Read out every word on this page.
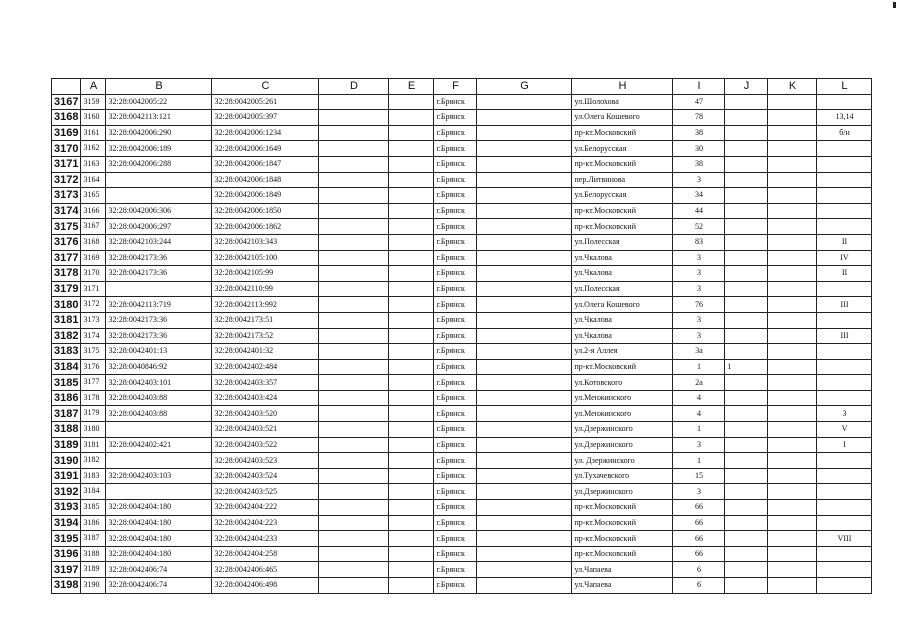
	A	B	C	D	E	F	G	H	I	J	K	L
3167	3159	32:28:0042005:22	32:28:0042005:261			г.Брянск		ул.Шолохова	47			
3168	3160	32:28:0042113:121	32:28:0042005:397			г.Брянск		ул.Олега Кошевого	78			13,14
3169	3161	32:28:0042006:290	32:28:0042006:1234			г.Брянск		пр-кт.Московский	38			б/н
3170	3162	32:28:0042006:189	32:28:0042006:1649			г.Брянск		ул.Белорусская	30			
3171	3163	32:28:0042006:288	32:28:0042006:1847			г.Брянск		пр-кт.Московский	38			
3172	3164		32:28:0042006:1848			г.Брянск		пер.Литвинова	3			
3173	3165		32:28:0042006:1849			г.Брянск		ул.Белорусская	34			
3174	3166	32:28:0042006:306	32:28:0042006:1850			г.Брянск		пр-кт.Московский	44			
3175	3167	32:28:0042006:297	32:28:0042006:1862			г.Брянск		пр-кт.Московский	52			
3176	3168	32:28:0042103:244	32:28:0042103:343			г.Брянск		ул.Полесская	83			II
3177	3169	32:28:0042173:36	32:28:0042105:100			г.Брянск		ул.Чкалова	3			IV
3178	3170	32:28:0042173:36	32:28:0042105:99			г.Брянск		ул.Чкалова	3			II
3179	3171		32:28:0042110:99			г.Брянск		ул.Полесская	3			
3180	3172	32:28:0042113:719	32:28:0042113:992			г.Брянск		ул.Олега Кошевого	76			III
3181	3173	32:28:0042173:36	32:28:0042173:51			г.Брянск		ул.Чкалова	3			
3182	3174	32:28:0042173:36	32:28:0042173:52			г.Брянск		ул.Чкалова	3			III
3183	3175	32:28:0042401:13	32:28:0042401:32			г.Брянск		ул.2-я Аллея	3а			
3184	3176	32:28:0040846:92	32:28:0042402:484			г.Брянск		пр-кт.Московский	1	1		
3185	3177	32:28:0042403:101	32:28:0042403:357			г.Брянск		ул.Котовского	2а			
3186	3178	32:28:0042403:88	32:28:0042403:424			г.Брянск		ул.Менжинского	4			
3187	3179	32:28:0042403:88	32:28:0042403:520			г.Брянск		ул.Менжинского	4			3
3188	3180		32:28:0042403:521			г.Брянск		ул.Дзержинского	1			V
3189	3181	32:28:0042402:421	32:28:0042403:522			г.Брянск		ул.Дзержинского	3			I
3190	3182		32:28:0042403:523			г.Брянск		ул. Дзержинского	1			
3191	3183	32:28:0042403:103	32:28:0042403:524			г.Брянск		ул.Тухачевского	15			
3192	3184		32:28:0042403:525			г.Брянск		ул.Дзержинского	3			
3193	3185	32:28:0042404:180	32:28:0042404:222			г.Брянск		пр-кт.Московский	66			
3194	3186	32:28:0042404:180	32:28:0042404:223			г.Брянск		пр-кт.Московский	66			
3195	3187	32:28:0042404:180	32:28:0042404:233			г.Брянск		пр-кт.Московский	66			VIII
3196	3188	32:28:0042404:180	32:28:0042404:258			г.Брянск		пр-кт.Московский	66			
3197	3189	32:28:0042406:74	32:28:0042406:465			г.Брянск		ул.Чапаева	6			
3198	3190	32:28:0042406:74	32:28:0042406:498			г.Брянск		ул.Чапаева	6			
